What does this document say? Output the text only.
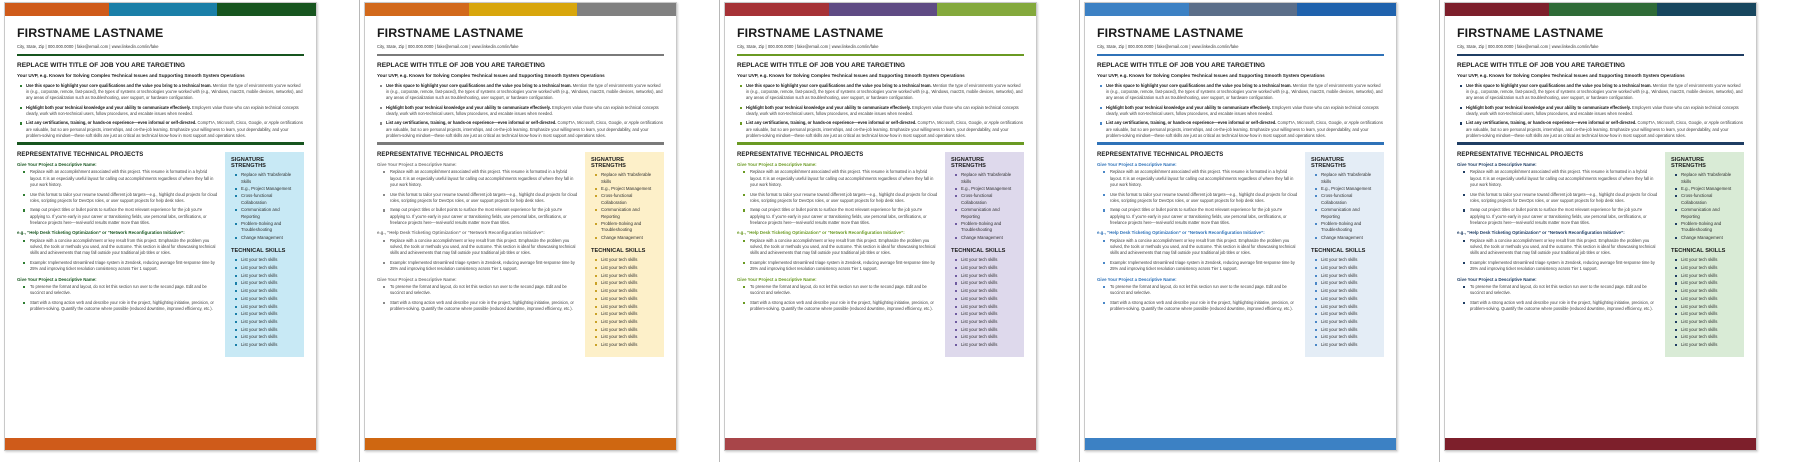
FIRSTNAME LASTNAME
City, State, Zip | 000.000.0000 | fake@email.com | www.linkedin.com/in/fake
REPLACE WITH TITLE OF JOB YOU ARE TARGETING
Your UVP, e.g. Known for Solving Complex Technical Issues and Supporting Smooth System Operations
Use this space to highlight your core qualifications and the value you bring to a technical team. Mention the type of environments you've worked in (e.g., corporate, remote, fast-paced), the types of systems or technologies you've worked with (e.g., Windows, macOS, mobile devices, networks), and any areas of specialization such as troubleshooting, user support, or hardware configuration.
Highlight both your technical knowledge and your ability to communicate effectively. Employers value those who can explain technical concepts clearly, work with non-technical users, follow procedures, and escalate issues when needed.
List any certifications, training, or hands-on experience—even informal or self-directed. CompTIA, Microsoft, Cisco, Google, or Apple certifications are valuable, but so are personal projects, internships, and on-the-job learning. Emphasize your willingness to learn, your dependability, and your problem-solving mindset—these soft skills are just as critical as technical know-how in most support and operations roles.
REPRESENTATIVE TECHNICAL PROJECTS
Give Your Project a Descriptive Name:
Replace with an accomplishment associated with this project. This resume is formatted in a hybrid layout. It is an especially useful layout for calling out accomplishments regardless of where they fall in your work history.
Use this format to tailor your resume toward different job targets—e.g., highlight cloud projects for cloud roles, scripting projects for DevOps roles, or user support projects for help desk roles.
Swap out project titles or bullet points to surface the most relevant experience for the job you're applying to. If you're early in your career or transitioning fields, use personal labs, certifications, or freelance projects here—real-world results matter more than titles.
e.g., “Help Desk Ticketing Optimization” or “Network Reconfiguration Initiative”:
Replace with a concise accomplishment or key result from this project. Emphasize the problem you solved, the tools or methods you used, and the outcome. This section is ideal for showcasing technical skills and achievements that may fall outside your traditional job titles or roles.
Example: Implemented streamlined triage system in Zendesk, reducing average first-response time by 25% and improving ticket resolution consistency across Tier 1 support.
Give Your Project a Descriptive Name:
To preserve the format and layout, do not let this section run over to the second page. Edit and be succinct and selective.
Start with a strong action verb and describe your role in the project, highlighting initiative, precision, or problem-solving. Quantify the outcome where possible (reduced downtime, improved efficiency, etc.).
SIGNATURE STRENGTHS
Replace with Trabsferable Skills
E.g., Project Management
Cross-functional Collaboration
Communication and Reporting
Problem-Solving and Troubleshooting
Change Management
TECHNICAL SKILLS
List your tech skills
List your tech skills
List your tech skills
List your tech skills
List your tech skills
List your tech skills
List your tech skills
List your tech skills
List your tech skills
List your tech skills
List your tech skills
List your tech skills
FIRSTNAME LASTNAME
City, State, Zip | 000.000.0000 | fake@email.com | www.linkedin.com/in/fake
REPLACE WITH TITLE OF JOB YOU ARE TARGETING
Your UVP, e.g. Known for Solving Complex Technical Issues and Supporting Smooth System Operations
Use this space to highlight your core qualifications and the value you bring to a technical team. Mention the type of environments you've worked in (e.g., corporate, remote, fast-paced), the types of systems or technologies you've worked with (e.g., Windows, macOS, mobile devices, networks), and any areas of specialization such as troubleshooting, user support, or hardware configuration.
Highlight both your technical knowledge and your ability to communicate effectively. Employers value those who can explain technical concepts clearly, work with non-technical users, follow procedures, and escalate issues when needed.
List any certifications, training, or hands-on experience—even informal or self-directed. CompTIA, Microsoft, Cisco, Google, or Apple certifications are valuable, but so are personal projects, internships, and on-the-job learning. Emphasize your willingness to learn, your dependability, and your problem-solving mindset—these soft skills are just as critical as technical know-how in most support and operations roles.
REPRESENTATIVE TECHNICAL PROJECTS
Give Your Project a Descriptive Name:
Replace with an accomplishment associated with this project. This resume is formatted in a hybrid layout. It is an especially useful layout for calling out accomplishments regardless of where they fall in your work history.
Use this format to tailor your resume toward different job targets—e.g., highlight cloud projects for cloud roles, scripting projects for DevOps roles, or user support projects for help desk roles.
Swap out project titles or bullet points to surface the most relevant experience for the job you're applying to. If you're early in your career or transitioning fields, use personal labs, certifications, or freelance projects here—real-world results matter more than titles.
e.g., “Help Desk Ticketing Optimization” or “Network Reconfiguration Initiative”:
Replace with a concise accomplishment or key result from this project. Emphasize the problem you solved, the tools or methods you used, and the outcome. This section is ideal for showcasing technical skills and achievements that may fall outside your traditional job titles or roles.
Example: Implemented streamlined triage system in Zendesk, reducing average first-response time by 25% and improving ticket resolution consistency across Tier 1 support.
Give Your Project a Descriptive Name:
To preserve the format and layout, do not let this section run over to the second page. Edit and be succinct and selective.
Start with a strong action verb and describe your role in the project, highlighting initiative, precision, or problem-solving. Quantify the outcome where possible (reduced downtime, improved efficiency, etc.).
SIGNATURE STRENGTHS
Replace with Trabsferable Skills
E.g., Project Management
Cross-functional Collaboration
Communication and Reporting
Problem-Solving and Troubleshooting
Change Management
TECHNICAL SKILLS
List your tech skills
List your tech skills
List your tech skills
List your tech skills
List your tech skills
List your tech skills
List your tech skills
List your tech skills
List your tech skills
List your tech skills
List your tech skills
List your tech skills
FIRSTNAME LASTNAME
City, State, Zip | 000.000.0000 | fake@email.com | www.linkedin.com/in/fake
REPLACE WITH TITLE OF JOB YOU ARE TARGETING
Your UVP, e.g. Known for Solving Complex Technical Issues and Supporting Smooth System Operations
Use this space to highlight your core qualifications and the value you bring to a technical team. Mention the type of environments you've worked in (e.g., corporate, remote, fast-paced), the types of systems or technologies you've worked with (e.g., Windows, macOS, mobile devices, networks), and any areas of specialization such as troubleshooting, user support, or hardware configuration.
Highlight both your technical knowledge and your ability to communicate effectively. Employers value those who can explain technical concepts clearly, work with non-technical users, follow procedures, and escalate issues when needed.
List any certifications, training, or hands-on experience—even informal or self-directed. CompTIA, Microsoft, Cisco, Google, or Apple certifications are valuable, but so are personal projects, internships, and on-the-job learning. Emphasize your willingness to learn, your dependability, and your problem-solving mindset—these soft skills are just as critical as technical know-how in most support and operations roles.
REPRESENTATIVE TECHNICAL PROJECTS
Give Your Project a Descriptive Name:
Replace with an accomplishment associated with this project. This resume is formatted in a hybrid layout. It is an especially useful layout for calling out accomplishments regardless of where they fall in your work history.
Use this format to tailor your resume toward different job targets—e.g., highlight cloud projects for cloud roles, scripting projects for DevOps roles, or user support projects for help desk roles.
Swap out project titles or bullet points to surface the most relevant experience for the job you're applying to. If you're early in your career or transitioning fields, use personal labs, certifications, or freelance projects here—real-world results matter more than titles.
e.g., “Help Desk Ticketing Optimization” or “Network Reconfiguration Initiative”:
Replace with a concise accomplishment or key result from this project. Emphasize the problem you solved, the tools or methods you used, and the outcome. This section is ideal for showcasing technical skills and achievements that may fall outside your traditional job titles or roles.
Example: Implemented streamlined triage system in Zendesk, reducing average first-response time by 25% and improving ticket resolution consistency across Tier 1 support.
Give Your Project a Descriptive Name:
To preserve the format and layout, do not let this section run over to the second page. Edit and be succinct and selective.
Start with a strong action verb and describe your role in the project, highlighting initiative, precision, or problem-solving. Quantify the outcome where possible (reduced downtime, improved efficiency, etc.).
SIGNATURE STRENGTHS
Replace with Trabsferable Skills
E.g., Project Management
Cross-functional Collaboration
Communication and Reporting
Problem-Solving and Troubleshooting
Change Management
TECHNICAL SKILLS
List your tech skills
List your tech skills
List your tech skills
List your tech skills
List your tech skills
List your tech skills
List your tech skills
List your tech skills
List your tech skills
List your tech skills
List your tech skills
List your tech skills
FIRSTNAME LASTNAME
City, State, Zip | 000.000.0000 | fake@email.com | www.linkedin.com/in/fake
REPLACE WITH TITLE OF JOB YOU ARE TARGETING
Your UVP, e.g. Known for Solving Complex Technical Issues and Supporting Smooth System Operations
Use this space to highlight your core qualifications and the value you bring to a technical team. Mention the type of environments you've worked in (e.g., corporate, remote, fast-paced), the types of systems or technologies you've worked with (e.g., Windows, macOS, mobile devices, networks), and any areas of specialization such as troubleshooting, user support, or hardware configuration.
Highlight both your technical knowledge and your ability to communicate effectively. Employers value those who can explain technical concepts clearly, work with non-technical users, follow procedures, and escalate issues when needed.
List any certifications, training, or hands-on experience—even informal or self-directed. CompTIA, Microsoft, Cisco, Google, or Apple certifications are valuable, but so are personal projects, internships, and on-the-job learning. Emphasize your willingness to learn, your dependability, and your problem-solving mindset—these soft skills are just as critical as technical know-how in most support and operations roles.
REPRESENTATIVE TECHNICAL PROJECTS
Give Your Project a Descriptive Name:
Replace with an accomplishment associated with this project. This resume is formatted in a hybrid layout. It is an especially useful layout for calling out accomplishments regardless of where they fall in your work history.
Use this format to tailor your resume toward different job targets—e.g., highlight cloud projects for cloud roles, scripting projects for DevOps roles, or user support projects for help desk roles.
Swap out project titles or bullet points to surface the most relevant experience for the job you're applying to. If you're early in your career or transitioning fields, use personal labs, certifications, or freelance projects here—real-world results matter more than titles.
e.g., “Help Desk Ticketing Optimization” or “Network Reconfiguration Initiative”:
Replace with a concise accomplishment or key result from this project. Emphasize the problem you solved, the tools or methods you used, and the outcome. This section is ideal for showcasing technical skills and achievements that may fall outside your traditional job titles or roles.
Example: Implemented streamlined triage system in Zendesk, reducing average first-response time by 25% and improving ticket resolution consistency across Tier 1 support.
Give Your Project a Descriptive Name:
To preserve the format and layout, do not let this section run over to the second page. Edit and be succinct and selective.
Start with a strong action verb and describe your role in the project, highlighting initiative, precision, or problem-solving. Quantify the outcome where possible (reduced downtime, improved efficiency, etc.).
SIGNATURE STRENGTHS
Replace with Trabsferable Skills
E.g., Project Management
Cross-functional Collaboration
Communication and Reporting
Problem-Solving and Troubleshooting
Change Management
TECHNICAL SKILLS
List your tech skills
List your tech skills
List your tech skills
List your tech skills
List your tech skills
List your tech skills
List your tech skills
List your tech skills
List your tech skills
List your tech skills
List your tech skills
List your tech skills
FIRSTNAME LASTNAME
City, State, Zip | 000.000.0000 | fake@email.com | www.linkedin.com/in/fake
REPLACE WITH TITLE OF JOB YOU ARE TARGETING
Your UVP, e.g. Known for Solving Complex Technical Issues and Supporting Smooth System Operations
Use this space to highlight your core qualifications and the value you bring to a technical team. Mention the type of environments you've worked in (e.g., corporate, remote, fast-paced), the types of systems or technologies you've worked with (e.g., Windows, macOS, mobile devices, networks), and any areas of specialization such as troubleshooting, user support, or hardware configuration.
Highlight both your technical knowledge and your ability to communicate effectively. Employers value those who can explain technical concepts clearly, work with non-technical users, follow procedures, and escalate issues when needed.
List any certifications, training, or hands-on experience—even informal or self-directed. CompTIA, Microsoft, Cisco, Google, or Apple certifications are valuable, but so are personal projects, internships, and on-the-job learning. Emphasize your willingness to learn, your dependability, and your problem-solving mindset—these soft skills are just as critical as technical know-how in most support and operations roles.
REPRESENTATIVE TECHNICAL PROJECTS
Give Your Project a Descriptive Name:
Replace with an accomplishment associated with this project. This resume is formatted in a hybrid layout. It is an especially useful layout for calling out accomplishments regardless of where they fall in your work history.
Use this format to tailor your resume toward different job targets—e.g., highlight cloud projects for cloud roles, scripting projects for DevOps roles, or user support projects for help desk roles.
Swap out project titles or bullet points to surface the most relevant experience for the job you're applying to. If you're early in your career or transitioning fields, use personal labs, certifications, or freelance projects here—real-world results matter more than titles.
e.g., “Help Desk Ticketing Optimization” or “Network Reconfiguration Initiative”:
Replace with a concise accomplishment or key result from this project. Emphasize the problem you solved, the tools or methods you used, and the outcome. This section is ideal for showcasing technical skills and achievements that may fall outside your traditional job titles or roles.
Example: Implemented streamlined triage system in Zendesk, reducing average first-response time by 25% and improving ticket resolution consistency across Tier 1 support.
Give Your Project a Descriptive Name:
To preserve the format and layout, do not let this section run over to the second page. Edit and be succinct and selective.
Start with a strong action verb and describe your role in the project, highlighting initiative, precision, or problem-solving. Quantify the outcome where possible (reduced downtime, improved efficiency, etc.).
SIGNATURE STRENGTHS
Replace with Trabsferable Skills
E.g., Project Management
Cross-functional Collaboration
Communication and Reporting
Problem-Solving and Troubleshooting
Change Management
TECHNICAL SKILLS
List your tech skills
List your tech skills
List your tech skills
List your tech skills
List your tech skills
List your tech skills
List your tech skills
List your tech skills
List your tech skills
List your tech skills
List your tech skills
List your tech skills
